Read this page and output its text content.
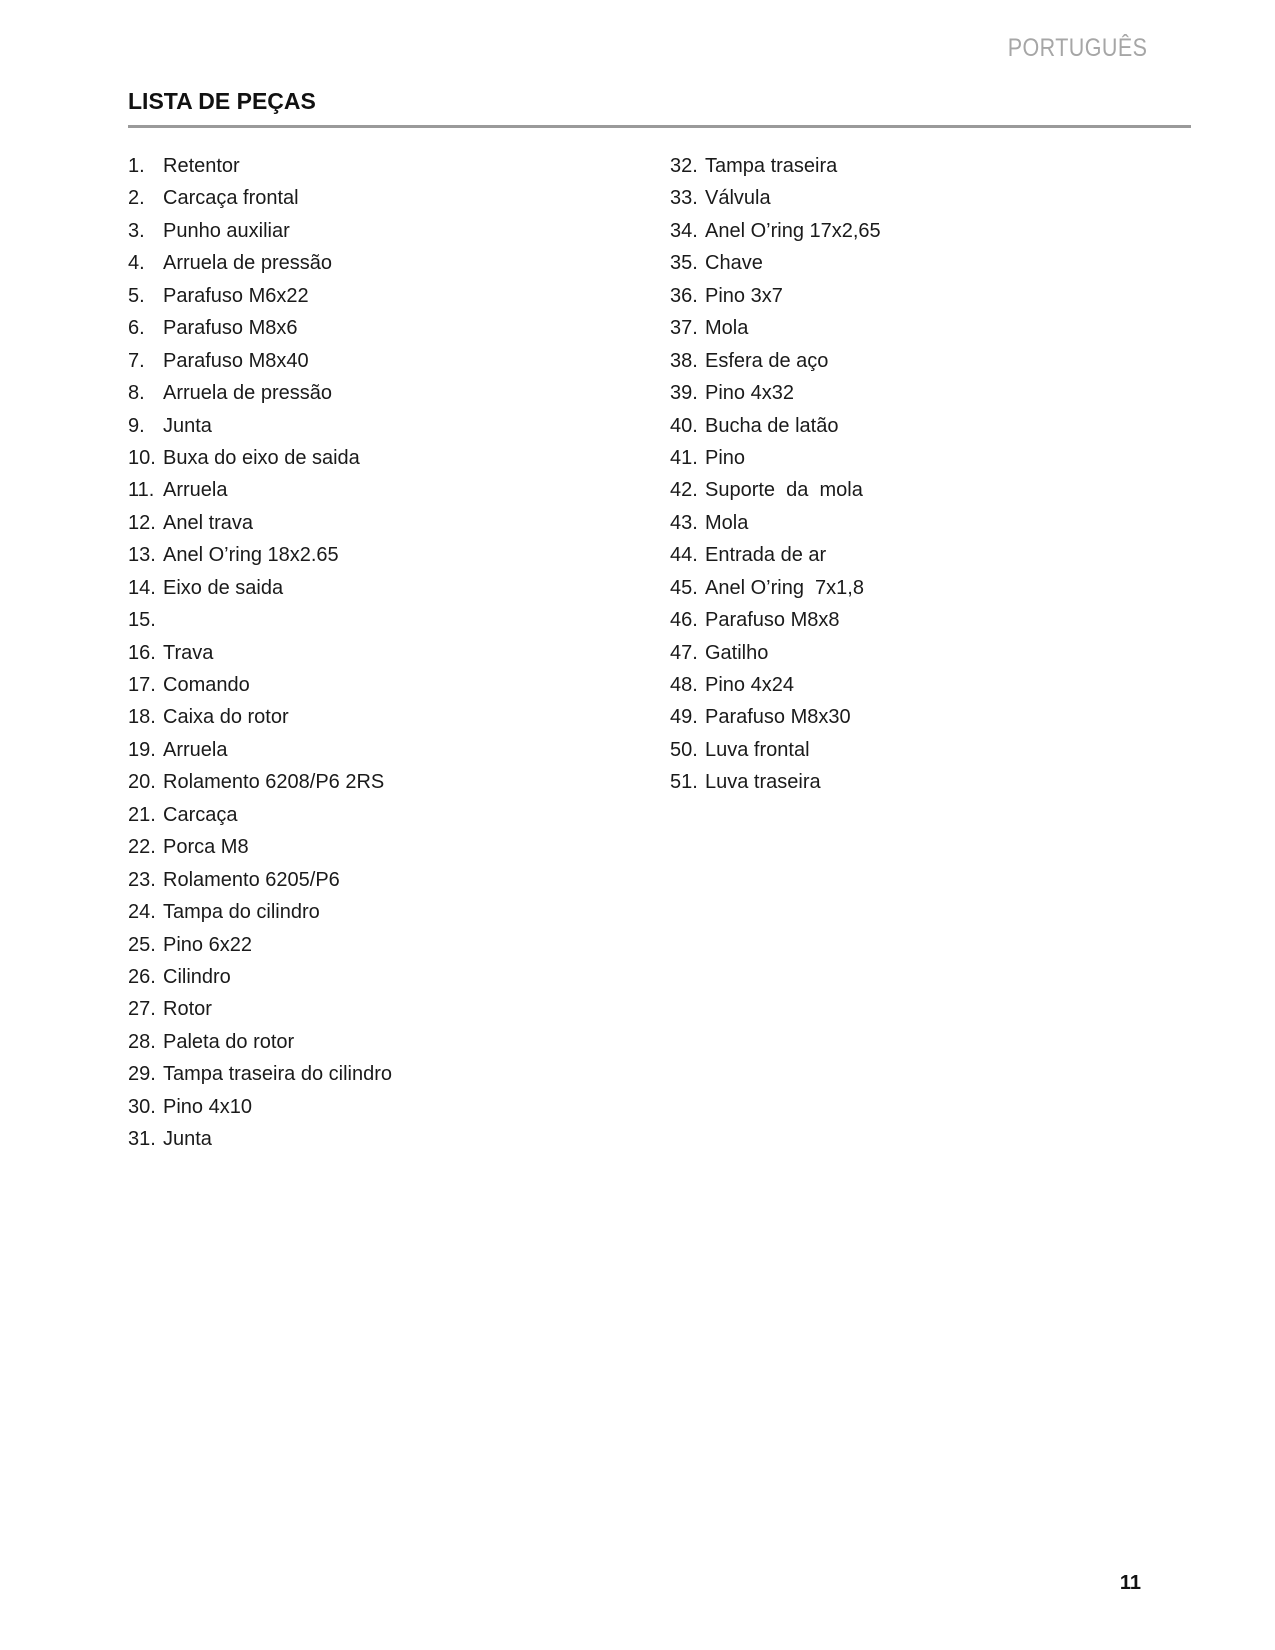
PORTUGUÊS
LISTA DE PEÇAS
1. Retentor
2. Carcaça frontal
3. Punho auxiliar
4. Arruela de pressão
5. Parafuso M6x22
6. Parafuso M8x6
7. Parafuso M8x40
8. Arruela de pressão
9. Junta
10. Buxa do eixo de saida
11. Arruela
12. Anel trava
13. Anel O’ring 18x2.65
14. Eixo de saida
15.
16. Trava
17. Comando
18. Caixa do rotor
19. Arruela
20. Rolamento 6208/P6 2RS
21. Carcaça
22. Porca M8
23. Rolamento 6205/P6
24. Tampa do cilindro
25. Pino 6x22
26. Cilindro
27. Rotor
28. Paleta do rotor
29. Tampa traseira do cilindro
30. Pino 4x10
31. Junta
32. Tampa traseira
33. Válvula
34. Anel O’ring 17x2,65
35. Chave
36. Pino 3x7
37. Mola
38. Esfera de aço
39. Pino 4x32
40. Bucha de latão
41. Pino
42. Suporte  da  mola
43. Mola
44. Entrada de ar
45. Anel O’ring  7x1,8
46. Parafuso M8x8
47. Gatilho
48. Pino 4x24
49. Parafuso M8x30
50. Luva frontal
51. Luva traseira
11
